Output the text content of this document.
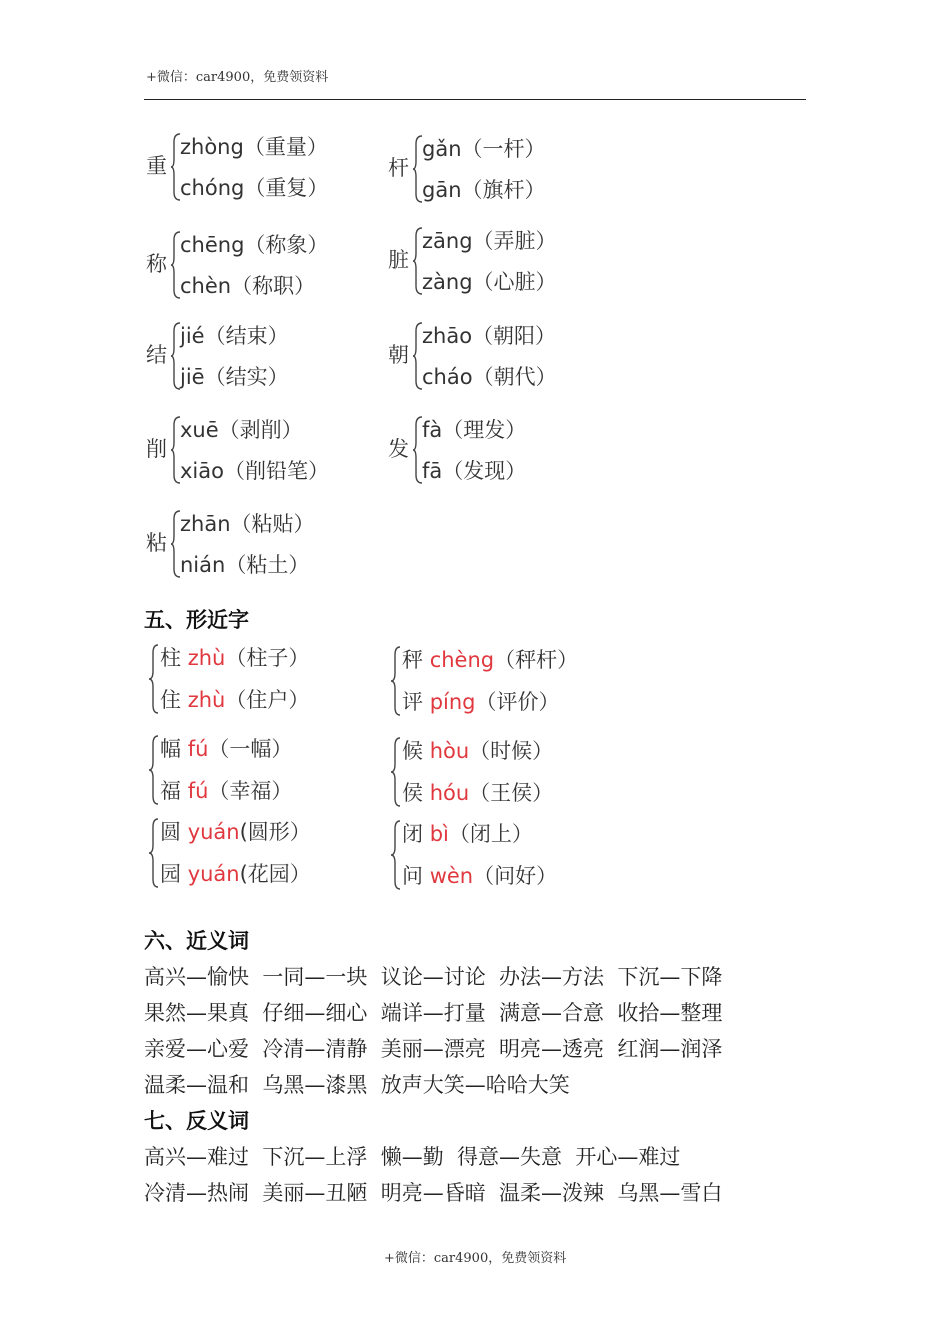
+微信：car4900，免费领资料
重
zhòng（重量）
chóng（重复）
杆
gǎn（一杆）
gān（旗杆）
称
chēng（称象）
chèn（称职）
脏
zāng（弄脏）
zàng（心脏）
结
jié（结束）
jiē（结实）
朝
zhāo（朝阳）
cháo（朝代）
削
xuē（剥削）
xiāo（削铅笔）
发
fà（理发）
fā（发现）
粘
zhān（粘贴）
nián（粘土）
五、形近字
柱 zhù（柱子）
住 zhù（住户）
秤 chèng（秤杆）
评 píng（评价）
幅 fú（一幅）
福 fú（幸福）
候 hòu（时候）
侯 hóu（王侯）
圆 yuán(圆形）
园 yuán(花园）
闭 bì（闭上）
问 wèn（问好）
六、近义词
高兴—愉快  一同—一块  议论—讨论  办法—方法  下沉—下降
果然—果真  仔细—细心  端详—打量  满意—合意  收拾—整理
亲爱—心爱  冷清—清静  美丽—漂亮  明亮—透亮  红润—润泽
温柔—温和  乌黑—漆黑  放声大笑—哈哈大笑
七、反义词
高兴—难过  下沉—上浮  懒—勤  得意—失意  开心—难过
冷清—热闹  美丽—丑陋  明亮—昏暗  温柔—泼辣  乌黑—雪白
+微信：car4900，免费领资料
